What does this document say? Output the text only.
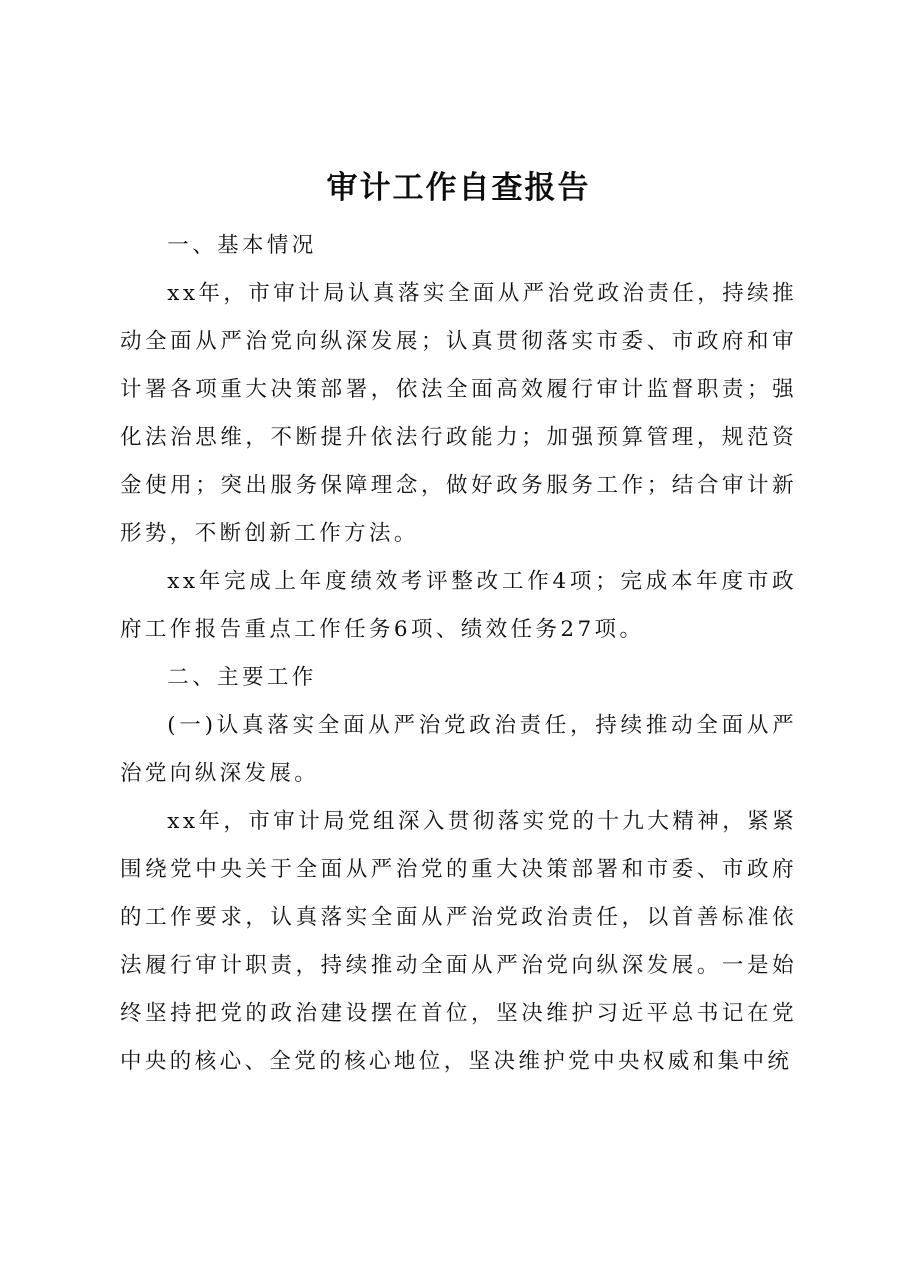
审计工作自查报告

一、基本情况

xx年，市审计局认真落实全面从严治党政治责任，持续推动全面从严治党向纵深发展；认真贯彻落实市委、市政府和审计署各项重大决策部署，依法全面高效履行审计监督职责；强化法治思维，不断提升依法行政能力；加强预算管理，规范资金使用；突出服务保障理念，做好政务服务工作；结合审计新形势，不断创新工作方法。

xx年完成上年度绩效考评整改工作4项；完成本年度市政府工作报告重点工作任务6项、绩效任务27项。

二、主要工作

(一)认真落实全面从严治党政治责任，持续推动全面从严治党向纵深发展。

xx年，市审计局党组深入贯彻落实党的十九大精神，紧紧围绕党中央关于全面从严治党的重大决策部署和市委、市政府的工作要求，认真落实全面从严治党政治责任，以首善标准依法履行审计职责，持续推动全面从严治党向纵深发展。一是始终坚持把党的政治建设摆在首位，坚决维护习近平总书记在党中央的核心、全党的核心地位，坚决维护党中央权威和集中统
